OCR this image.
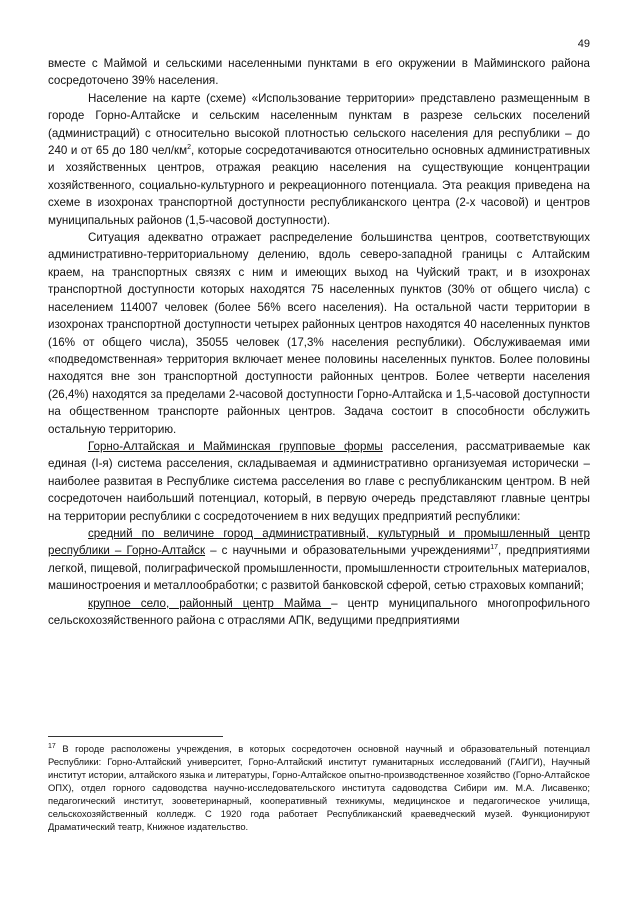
49

вместе с Маймой и сельскими населенными пунктами в его окружении в Майминского района сосредоточено 39% населения.

Население на карте (схеме) «Использование территории» представлено размещенным в городе Горно-Алтайске и сельским населенным пунктам в разрезе сельских поселений (администраций) с относительно высокой плотностью сельского населения для республики – до 240 и от 65 до 180 чел/$км^2$, которые сосредотачиваются относительно основных административных и хозяйственных центров, отражая реакцию населения на существующие концентрации хозяйственного, социально-культурного и рекреационного потенциала. Эта реакция приведена на схеме в изохронах транспортной доступности республиканского центра (2-х часовой) и центров муниципальных районов (1,5-часовой доступности).

Ситуация адекватно отражает распределение большинства центров, соответствующих административно-территориальному делению, вдоль северо-западной границы с Алтайским краем, на транспортных связях с ним и имеющих выход на Чуйский тракт, и в изохронах транспортной доступности которых находятся 75 населенных пунктов (30% от общего числа) с населением 114007 человек (более 56% всего населения). На остальной части территории в изохронах транспортной доступности четырех районных центров находятся 40 населенных пунктов (16% от общего числа), 35055 человек (17,3% населения республики). Обслуживаемая ими «подведомственная» территория включает менее половины населенных пунктов. Более половины находятся вне зон транспортной доступности районных центров. Более четверти населения (26,4%) находятся за пределами 2-часовой доступности Горно-Алтайска и 1,5-часовой доступности на общественном транспорте районных центров. Задача состоит в способности обслужить остальную территорию.

Горно-Алтайская и Майминская групповые формы расселения, рассматриваемые как единая (I-я) система расселения, складываемая и административно организуемая исторически – наиболее развитая в Республике система расселения во главе с республиканским центром. В ней сосредоточен наибольший потенциал, который, в первую очередь представляют главные центры на территории республики с сосредоточением в них ведущих предприятий республики:

средний по величине город административный, культурный и промышленный центр республики – Горно-Алтайск – с научными и образовательными учреждениями$^{17}$, предприятиями легкой, пищевой, полиграфической промышленности, промышленности строительных материалов, машиностроения и металлообработки; с развитой банковской сферой, сетью страховых компаний;

крупное село, районный центр Майма – центр муниципального многопрофильного сельскохозяйственного района с отраслями АПК, ведущими предприятиями

$^{17}$ В городе расположены учреждения, в которых сосредоточен основной научный и образовательный потенциал Республики: Горно-Алтайский университет, Горно-Алтайский институт гуманитарных исследований (ГАИГИ), Научный институт истории, алтайского языка и литературы, Горно-Алтайское опытно-производственное хозяйство (Горно-Алтайское ОПХ), отдел горного садоводства научно-исследовательского института садоводства Сибири им. М.А. Лисавенко; педагогический институт, зооветеринарный, кооперативный техникумы, медицинское и педагогическое училища, сельскохозяйственный колледж. С 1920 года работает Республиканский краеведческий музей. Функционируют Драматический театр, Книжное издательство.
